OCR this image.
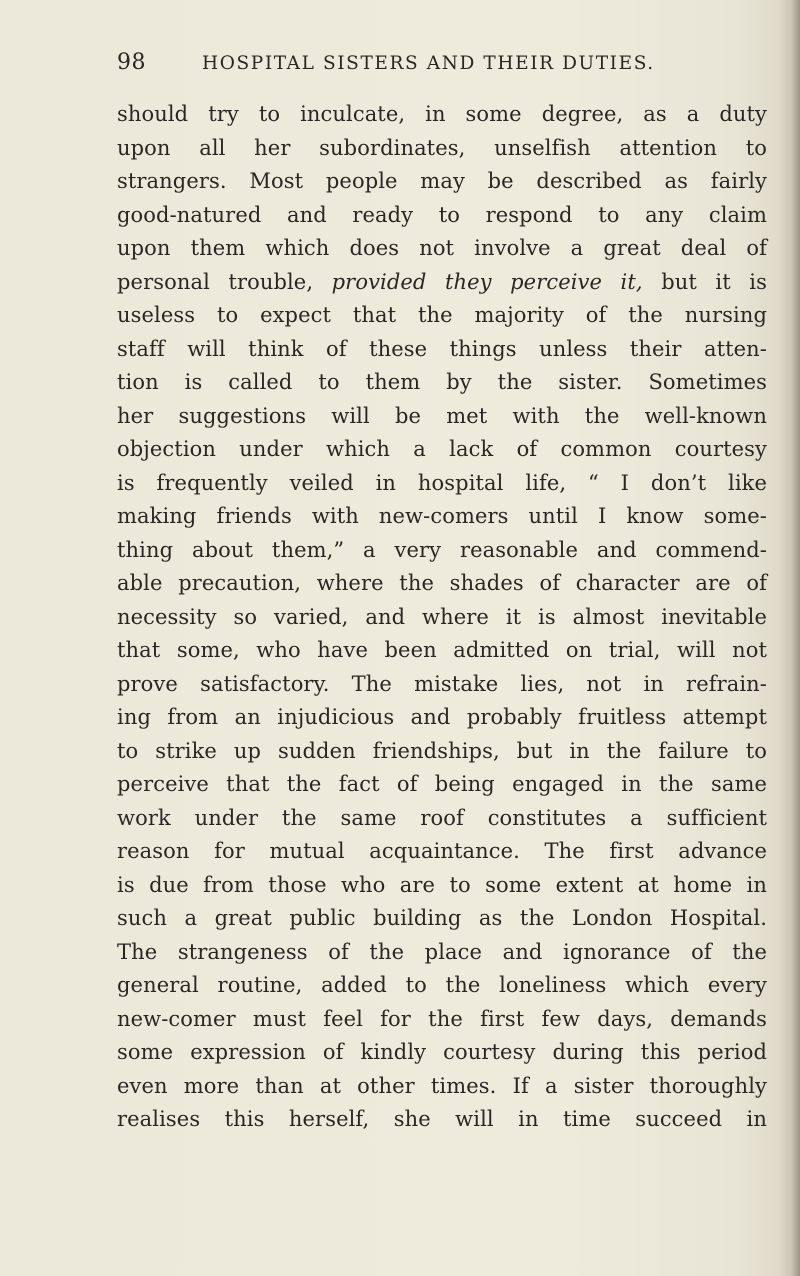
98	HOSPITAL SISTERS AND THEIR DUTIES.
should try to inculcate, in some degree, as a duty
upon all her subordinates, unselfish attention to
strangers. Most people may be described as fairly
good-natured and ready to respond to any claim
upon them which does not involve a great deal of
personal trouble, provided they perceive it, but it is
useless to expect that the majority of the nursing
staff will think of these things unless their atten-
tion is called to them by the sister. Sometimes
her suggestions will be met with the well-known
objection under which a lack of common courtesy
is frequently veiled in hospital life, “ I don’t like
making friends with new-comers until I know some-
thing about them,” a very reasonable and commend-
able precaution, where the shades of character are of
necessity so varied, and where it is almost inevitable
that some, who have been admitted on trial, will not
prove satisfactory. The mistake lies, not in refrain-
ing from an injudicious and probably fruitless attempt
to strike up sudden friendships, but in the failure to
perceive that the fact of being engaged in the same
work under the same roof constitutes a sufficient
reason for mutual acquaintance. The first advance
is due from those who are to some extent at home in
such a great public building as the London Hospital.
The strangeness of the place and ignorance of the
general routine, added to the loneliness which every
new-comer must feel for the first few days, demands
some expression of kindly courtesy during this period
even more than at other times. If a sister thoroughly
realises this herself, she will in time succeed in
